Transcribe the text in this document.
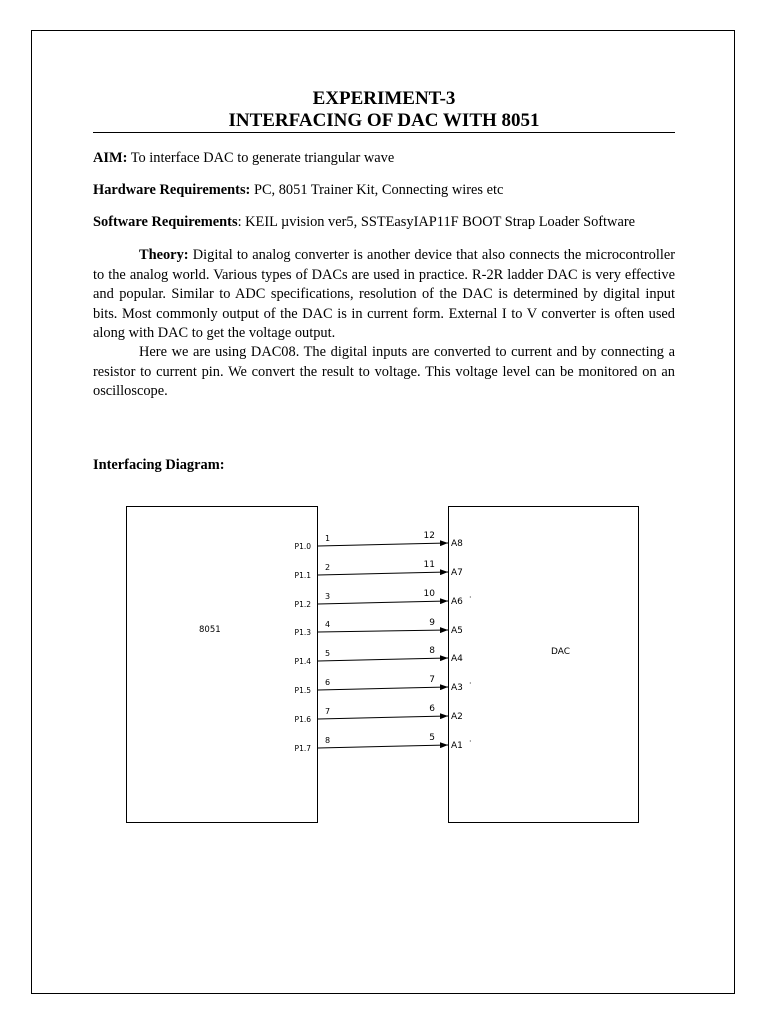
EXPERIMENT-3
INTERFACING OF DAC WITH 8051
AIM: To interface DAC to generate triangular wave
Hardware Requirements: PC, 8051 Trainer Kit, Connecting wires etc
Software Requirements: KEIL µvision ver5, SSTEasyIAP11F BOOT Strap Loader Software
Theory: Digital to analog converter is another device that also connects the microcontroller to the analog world. Various types of DACs are used in practice. R-2R ladder DAC is very effective and popular. Similar to ADC specifications, resolution of the DAC is determined by digital input bits. Most commonly output of the DAC is in current form. External I to V converter is often used along with DAC to get the voltage output.
Here we are using DAC08. The digital inputs are converted to current and by connecting a resistor to current pin. We convert the result to voltage. This voltage level can be monitored on an oscilloscope.
Interfacing Diagram:
8051
DAC
P1.0
1	12
A8
P1.1
2	11
A7
P1.2
3	10
A6 ·
P1.3
4	9
A5
P1.4
5	8
A4
P1.5
6	7
A3 ·
P1.6
7	6
A2
P1.7
8	5
A1 ·
